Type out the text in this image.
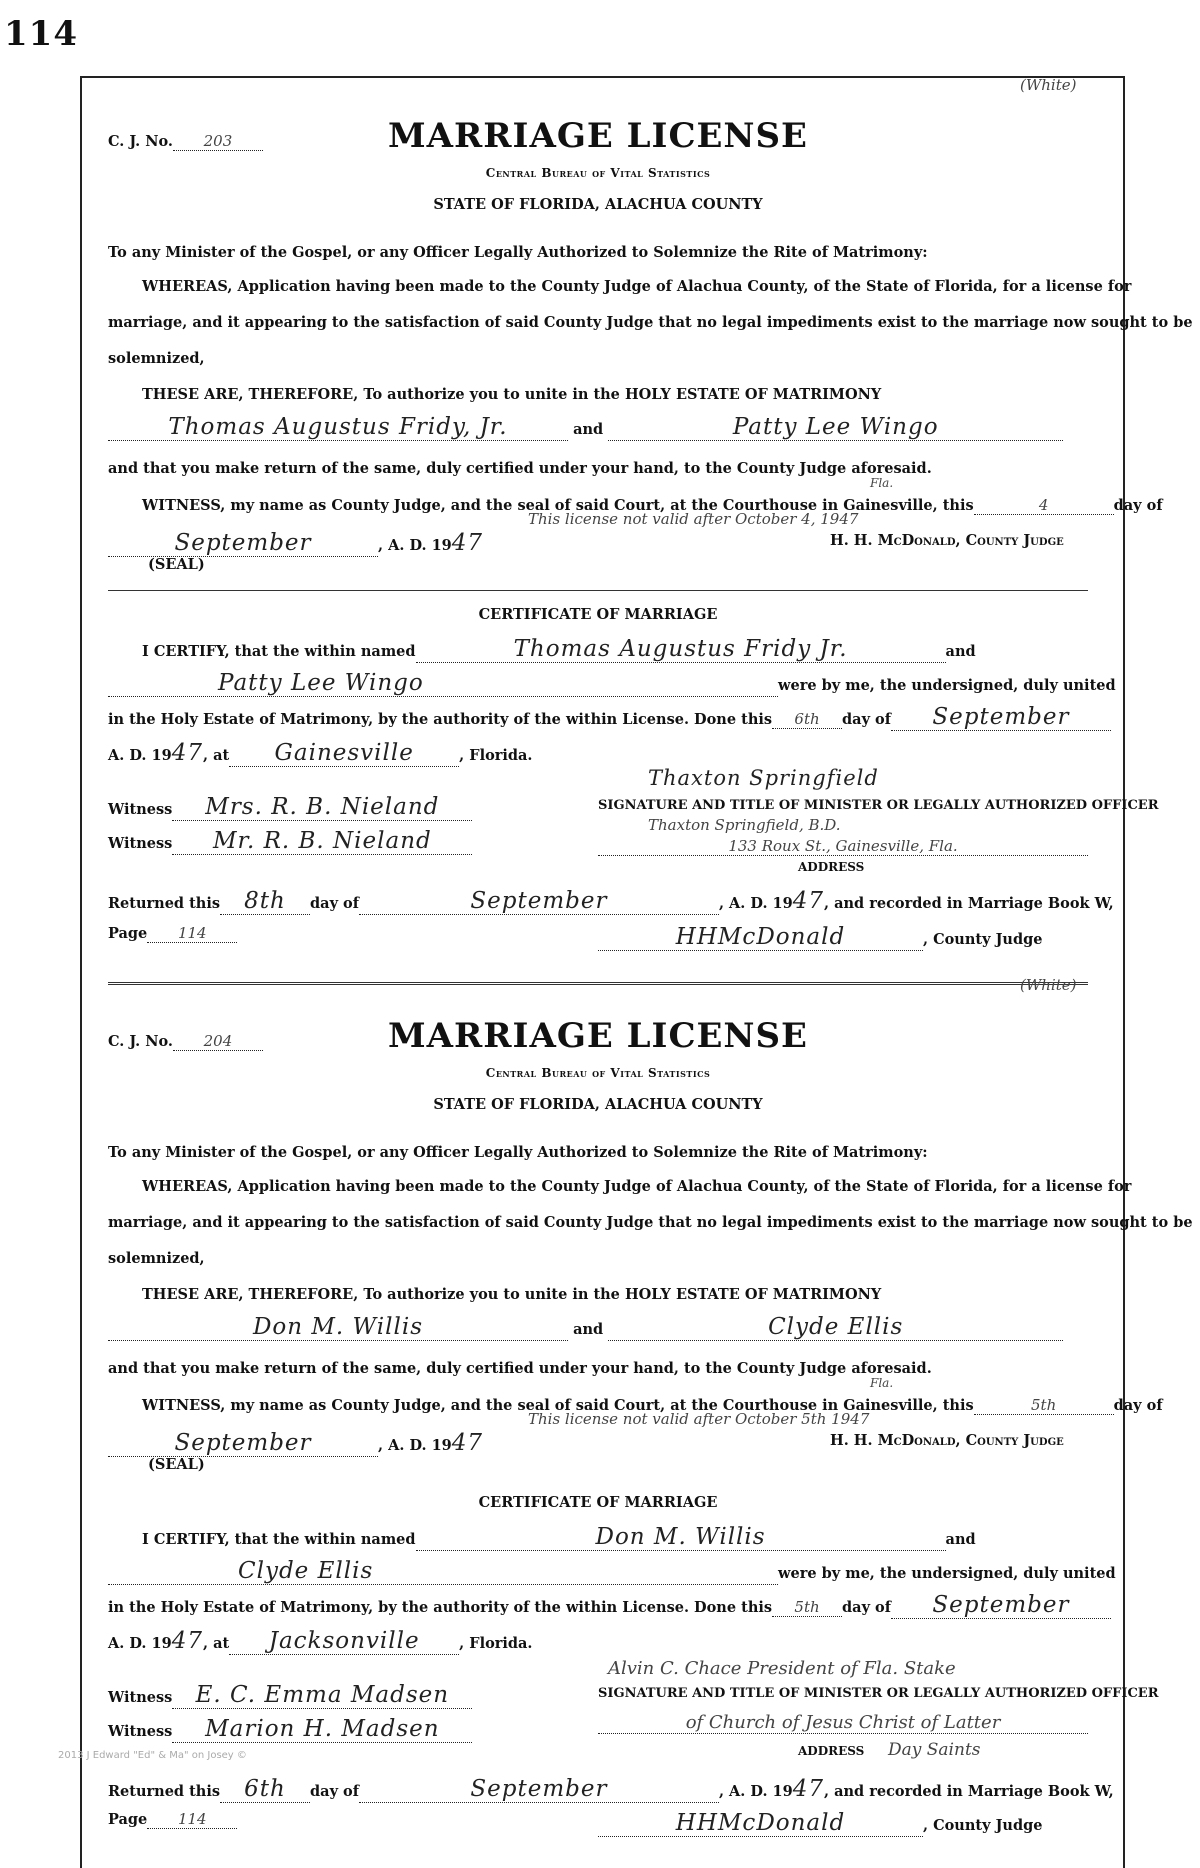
114
(White)
C. J. No. 203	MARRIAGE LICENSE
Central Bureau of Vital Statistics
STATE OF FLORIDA, ALACHUA COUNTY
To any Minister of the Gospel, or any Officer Legally Authorized to Solemnize the Rite of Matrimony:
WHEREAS, Application having been made to the County Judge of Alachua County, of the State of Florida, for a license for
marriage, and it appearing to the satisfaction of said County Judge that no legal impediments exist to the marriage now sought to be
solemnized,
THESE ARE, THEREFORE, To authorize you to unite in the HOLY ESTATE OF MATRIMONY
Thomas Augustus Fridy, Jr.	and	Patty Lee Wingo
and that you make return of the same, duly certified under your hand, to the County Judge aforesaid.
Fla.
WITNESS, my name as County Judge, and the seal of said Court, at the Courthouse in Gainesville, this	4	day of
This license not valid after October 4, 1947
September	, A. D. 1947	H. H. McDonald, County Judge
(SEAL)
CERTIFICATE OF MARRIAGE
I CERTIFY, that the within named	Thomas Augustus Fridy Jr.	and
Patty Lee Wingo	were by me, the undersigned, duly united
in the Holy Estate of Matrimony, by the authority of the within License. Done this 6th day of September
A. D. 1947, at Gainesville	, Florida.
Thaxton Springfield
Witness Mrs. R. B. Nieland	SIGNATURE AND TITLE OF MINISTER OR LEGALLY AUTHORIZED OFFICER
Thaxton Springfield, B.D.
Witness Mr. R. B. Nieland	133 Roux St., Gainesville, Fla.
ADDRESS
Returned this 8th day of	September	, A. D. 1947, and recorded in Marriage Book W,
Page 114	HHMcDonald	, County Judge
(White)
C. J. No. 204	MARRIAGE LICENSE
Central Bureau of Vital Statistics
STATE OF FLORIDA, ALACHUA COUNTY
To any Minister of the Gospel, or any Officer Legally Authorized to Solemnize the Rite of Matrimony:
WHEREAS, Application having been made to the County Judge of Alachua County, of the State of Florida, for a license for
marriage, and it appearing to the satisfaction of said County Judge that no legal impediments exist to the marriage now sought to be
solemnized,
THESE ARE, THEREFORE, To authorize you to unite in the HOLY ESTATE OF MATRIMONY
Don M. Willis	and	Clyde Ellis
and that you make return of the same, duly certified under your hand, to the County Judge aforesaid.
Fla.
WITNESS, my name as County Judge, and the seal of said Court, at the Courthouse in Gainesville, this	5th	day of
This license not valid after October 5th 1947
September	, A. D. 1947	H. H. McDonald, County Judge
(SEAL)
CERTIFICATE OF MARRIAGE
I CERTIFY, that the within named	Don M. Willis	and
Clyde Ellis	were by me, the undersigned, duly united
in the Holy Estate of Matrimony, by the authority of the within License. Done this 5th day of September
A. D. 1947, at Jacksonville	, Florida.
Alvin C. Chace President of Fla. Stake
Witness E. C. Emma Madsen	SIGNATURE AND TITLE OF MINISTER OR LEGALLY AUTHORIZED OFFICER
Witness Marion H. Madsen	of Church of Jesus Christ of Latter
ADDRESS Day Saints
Returned this 6th day of	September	, A. D. 1947, and recorded in Marriage Book W,
Page 114	HHMcDonald	, County Judge
2013 J Edward "Ed" & Ma" on Josey ©
